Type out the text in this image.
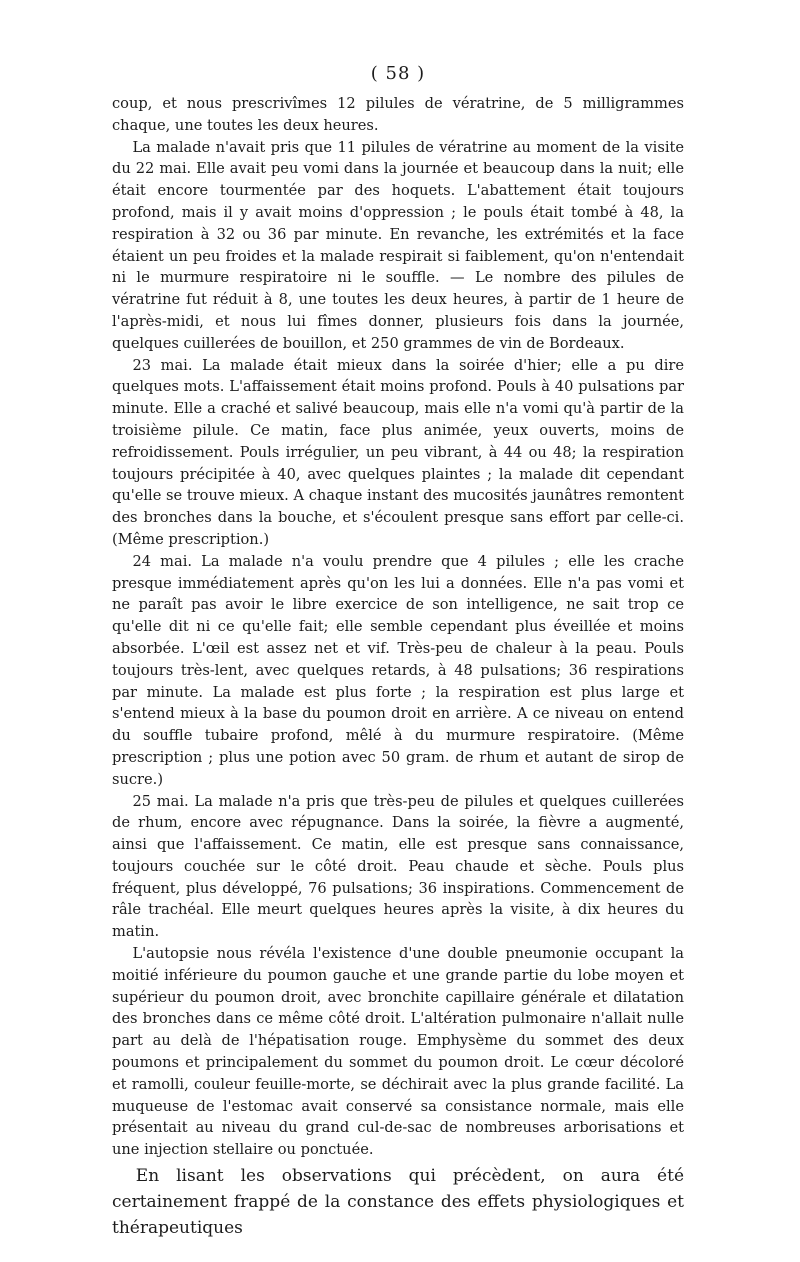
( 58 )

coup, et nous prescrivîmes 12 pilules de vératrine, de 5 milligrammes chaque, une toutes les deux heures.

La malade n'avait pris que 11 pilules de vératrine au moment de la visite du 22 mai. Elle avait peu vomi dans la journée et beaucoup dans la nuit; elle était encore tourmentée par des hoquets. L'abattement était toujours profond, mais il y avait moins d'oppression ; le pouls était tombé à 48, la respiration à 32 ou 36 par minute. En revanche, les extrémités et la face étaient un peu froides et la malade respirait si faiblement, qu'on n'entendait ni le murmure respiratoire ni le souffle. — Le nombre des pilules de vératrine fut réduit à 8, une toutes les deux heures, à partir de 1 heure de l'après-midi, et nous lui fîmes donner, plusieurs fois dans la journée, quelques cuillerées de bouillon, et 250 grammes de vin de Bordeaux.

23 mai. La malade était mieux dans la soirée d'hier; elle a pu dire quelques mots. L'affaissement était moins profond. Pouls à 40 pulsations par minute. Elle a craché et salivé beaucoup, mais elle n'a vomi qu'à partir de la troisième pilule. Ce matin, face plus animée, yeux ouverts, moins de refroidissement. Pouls irrégulier, un peu vibrant, à 44 ou 48; la respiration toujours précipitée à 40, avec quelques plaintes ; la malade dit cependant qu'elle se trouve mieux. A chaque instant des mucosités jaunâtres remontent des bronches dans la bouche, et s'écoulent presque sans effort par celle-ci. (Même prescription.)

24 mai. La malade n'a voulu prendre que 4 pilules ; elle les crache presque immédiatement après qu'on les lui a données. Elle n'a pas vomi et ne paraît pas avoir le libre exercice de son intelligence, ne sait trop ce qu'elle dit ni ce qu'elle fait; elle semble cependant plus éveillée et moins absorbée. L'œil est assez net et vif. Très-peu de chaleur à la peau. Pouls toujours très-lent, avec quelques retards, à 48 pulsations; 36 respirations par minute. La malade est plus forte ; la respiration est plus large et s'entend mieux à la base du poumon droit en arrière. A ce niveau on entend du souffle tubaire profond, mêlé à du murmure respiratoire. (Même prescription ; plus une potion avec 50 gram. de rhum et autant de sirop de sucre.)

25 mai. La malade n'a pris que très-peu de pilules et quelques cuillerées de rhum, encore avec répugnance. Dans la soirée, la fièvre a augmenté, ainsi que l'affaissement. Ce matin, elle est presque sans connaissance, toujours couchée sur le côté droit. Peau chaude et sèche. Pouls plus fréquent, plus développé, 76 pulsations; 36 inspirations. Commencement de râle trachéal. Elle meurt quelques heures après la visite, à dix heures du matin.

L'autopsie nous révéla l'existence d'une double pneumonie occupant la moitié inférieure du poumon gauche et une grande partie du lobe moyen et supérieur du poumon droit, avec bronchite capillaire générale et dilatation des bronches dans ce même côté droit. L'altération pulmonaire n'allait nulle part au delà de l'hépatisation rouge. Emphysème du sommet des deux poumons et principalement du sommet du poumon droit. Le cœur décoloré et ramolli, couleur feuille-morte, se déchirait avec la plus grande facilité. La muqueuse de l'estomac avait conservé sa consistance normale, mais elle présentait au niveau du grand cul-de-sac de nombreuses arborisations et une injection stellaire ou ponctuée.

En lisant les observations qui précèdent, on aura été certainement frappé de la constance des effets physiologiques et thérapeutiques
